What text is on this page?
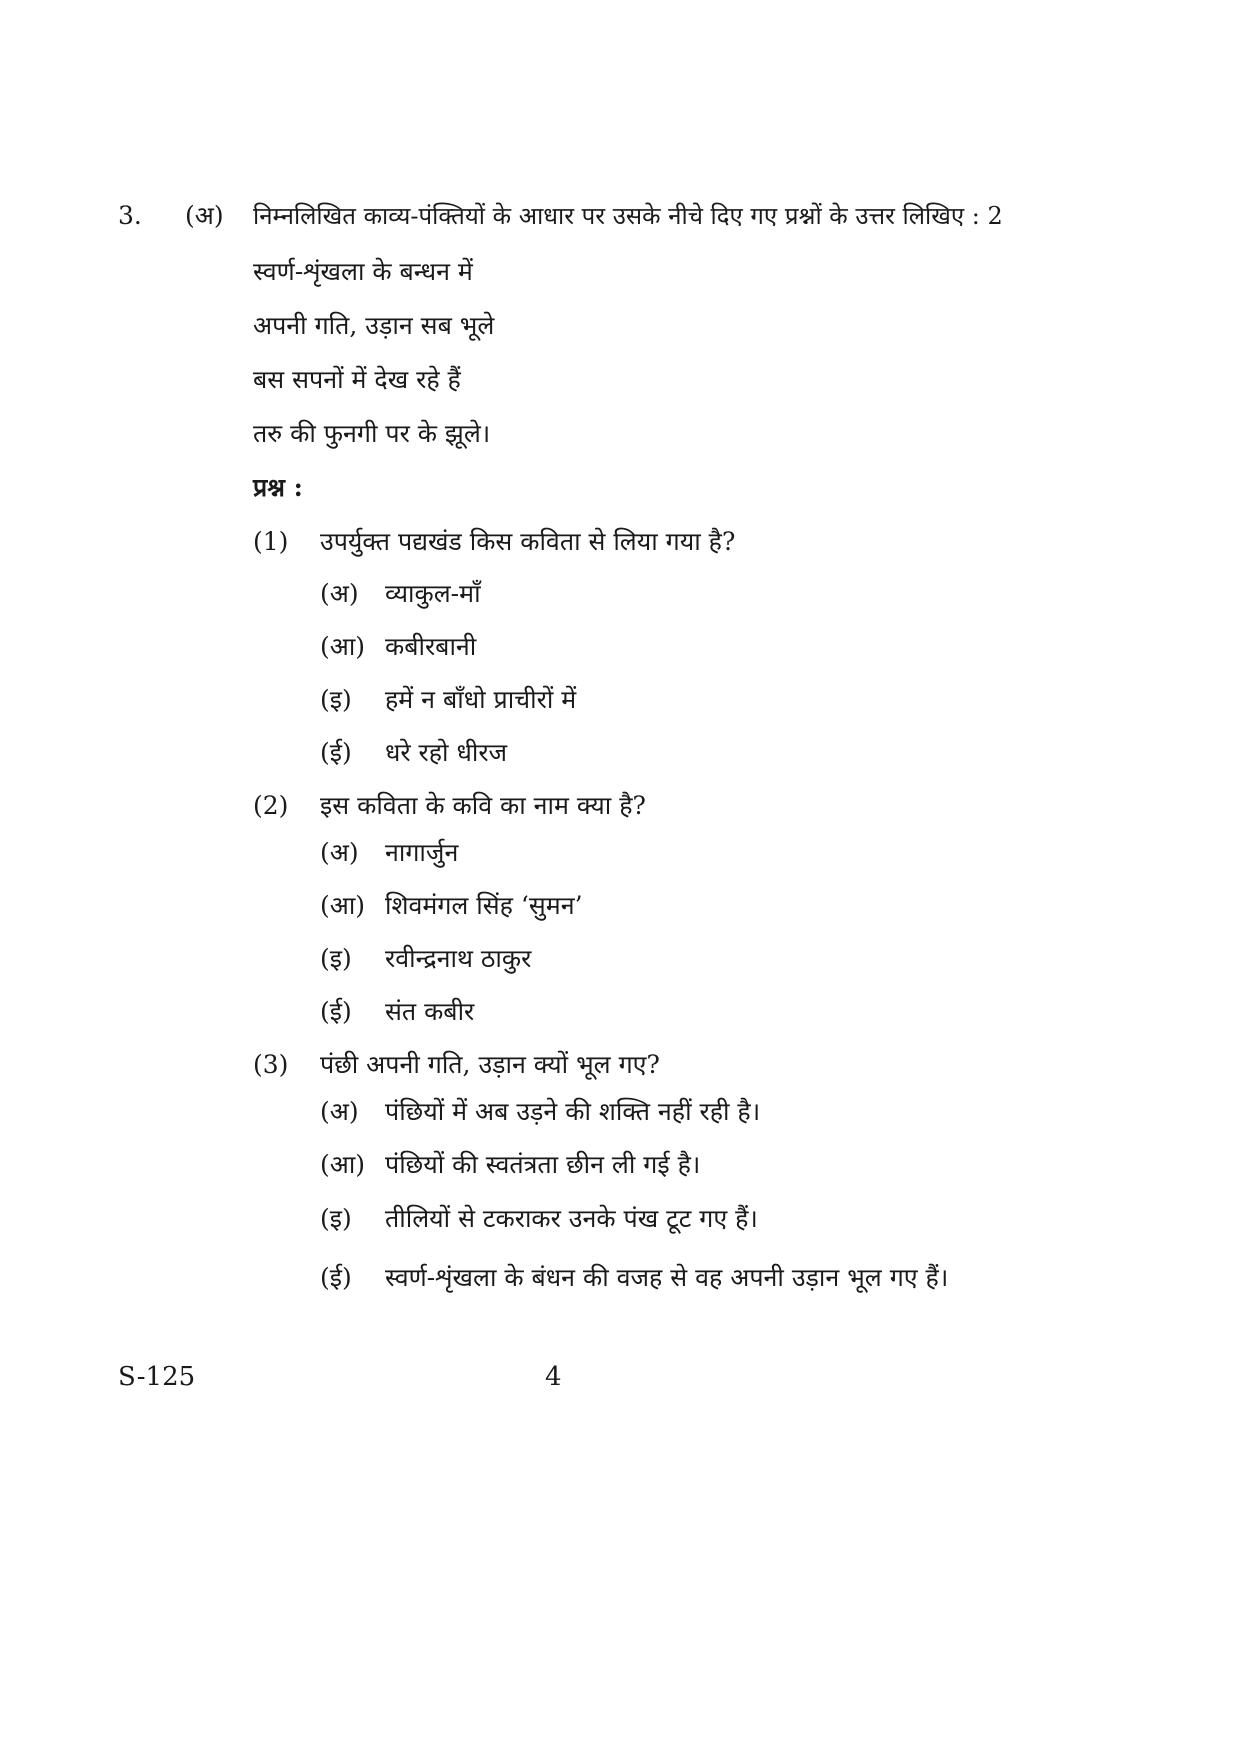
3. (अ) निम्नलिखित काव्य-पंक्तियों के आधार पर उसके नीचे दिए गए प्रश्नों के उत्तर लिखिए : 2
स्वर्ण-शृंखला के बन्धन में
अपनी गति, उड़ान सब भूले
बस सपनों में देख रहे हैं
तरु की फुनगी पर के झूले।
प्रश्न :
(1) उपर्युक्त पद्यखंड किस कविता से लिया गया है?
(अ) व्याकुल-माँ
(आ) कबीरबानी
(इ) हमें न बाँधो प्राचीरों में
(ई) धरे रहो धीरज
(2) इस कविता के कवि का नाम क्या है?
(अ) नागार्जुन
(आ) शिवमंगल सिंह ‘सुमन’
(इ) रवीन्द्रनाथ ठाकुर
(ई) संत कबीर
(3) पंछी अपनी गति, उड़ान क्यों भूल गए?
(अ) पंछियों में अब उड़ने की शक्ति नहीं रही है।
(आ) पंछियों की स्वतंत्रता छीन ली गई है।
(इ) तीलियों से टकराकर उनके पंख टूट गए हैं।
(ई) स्वर्ण-शृंखला के बंधन की वजह से वह अपनी उड़ान भूल गए हैं।
S-125	4
